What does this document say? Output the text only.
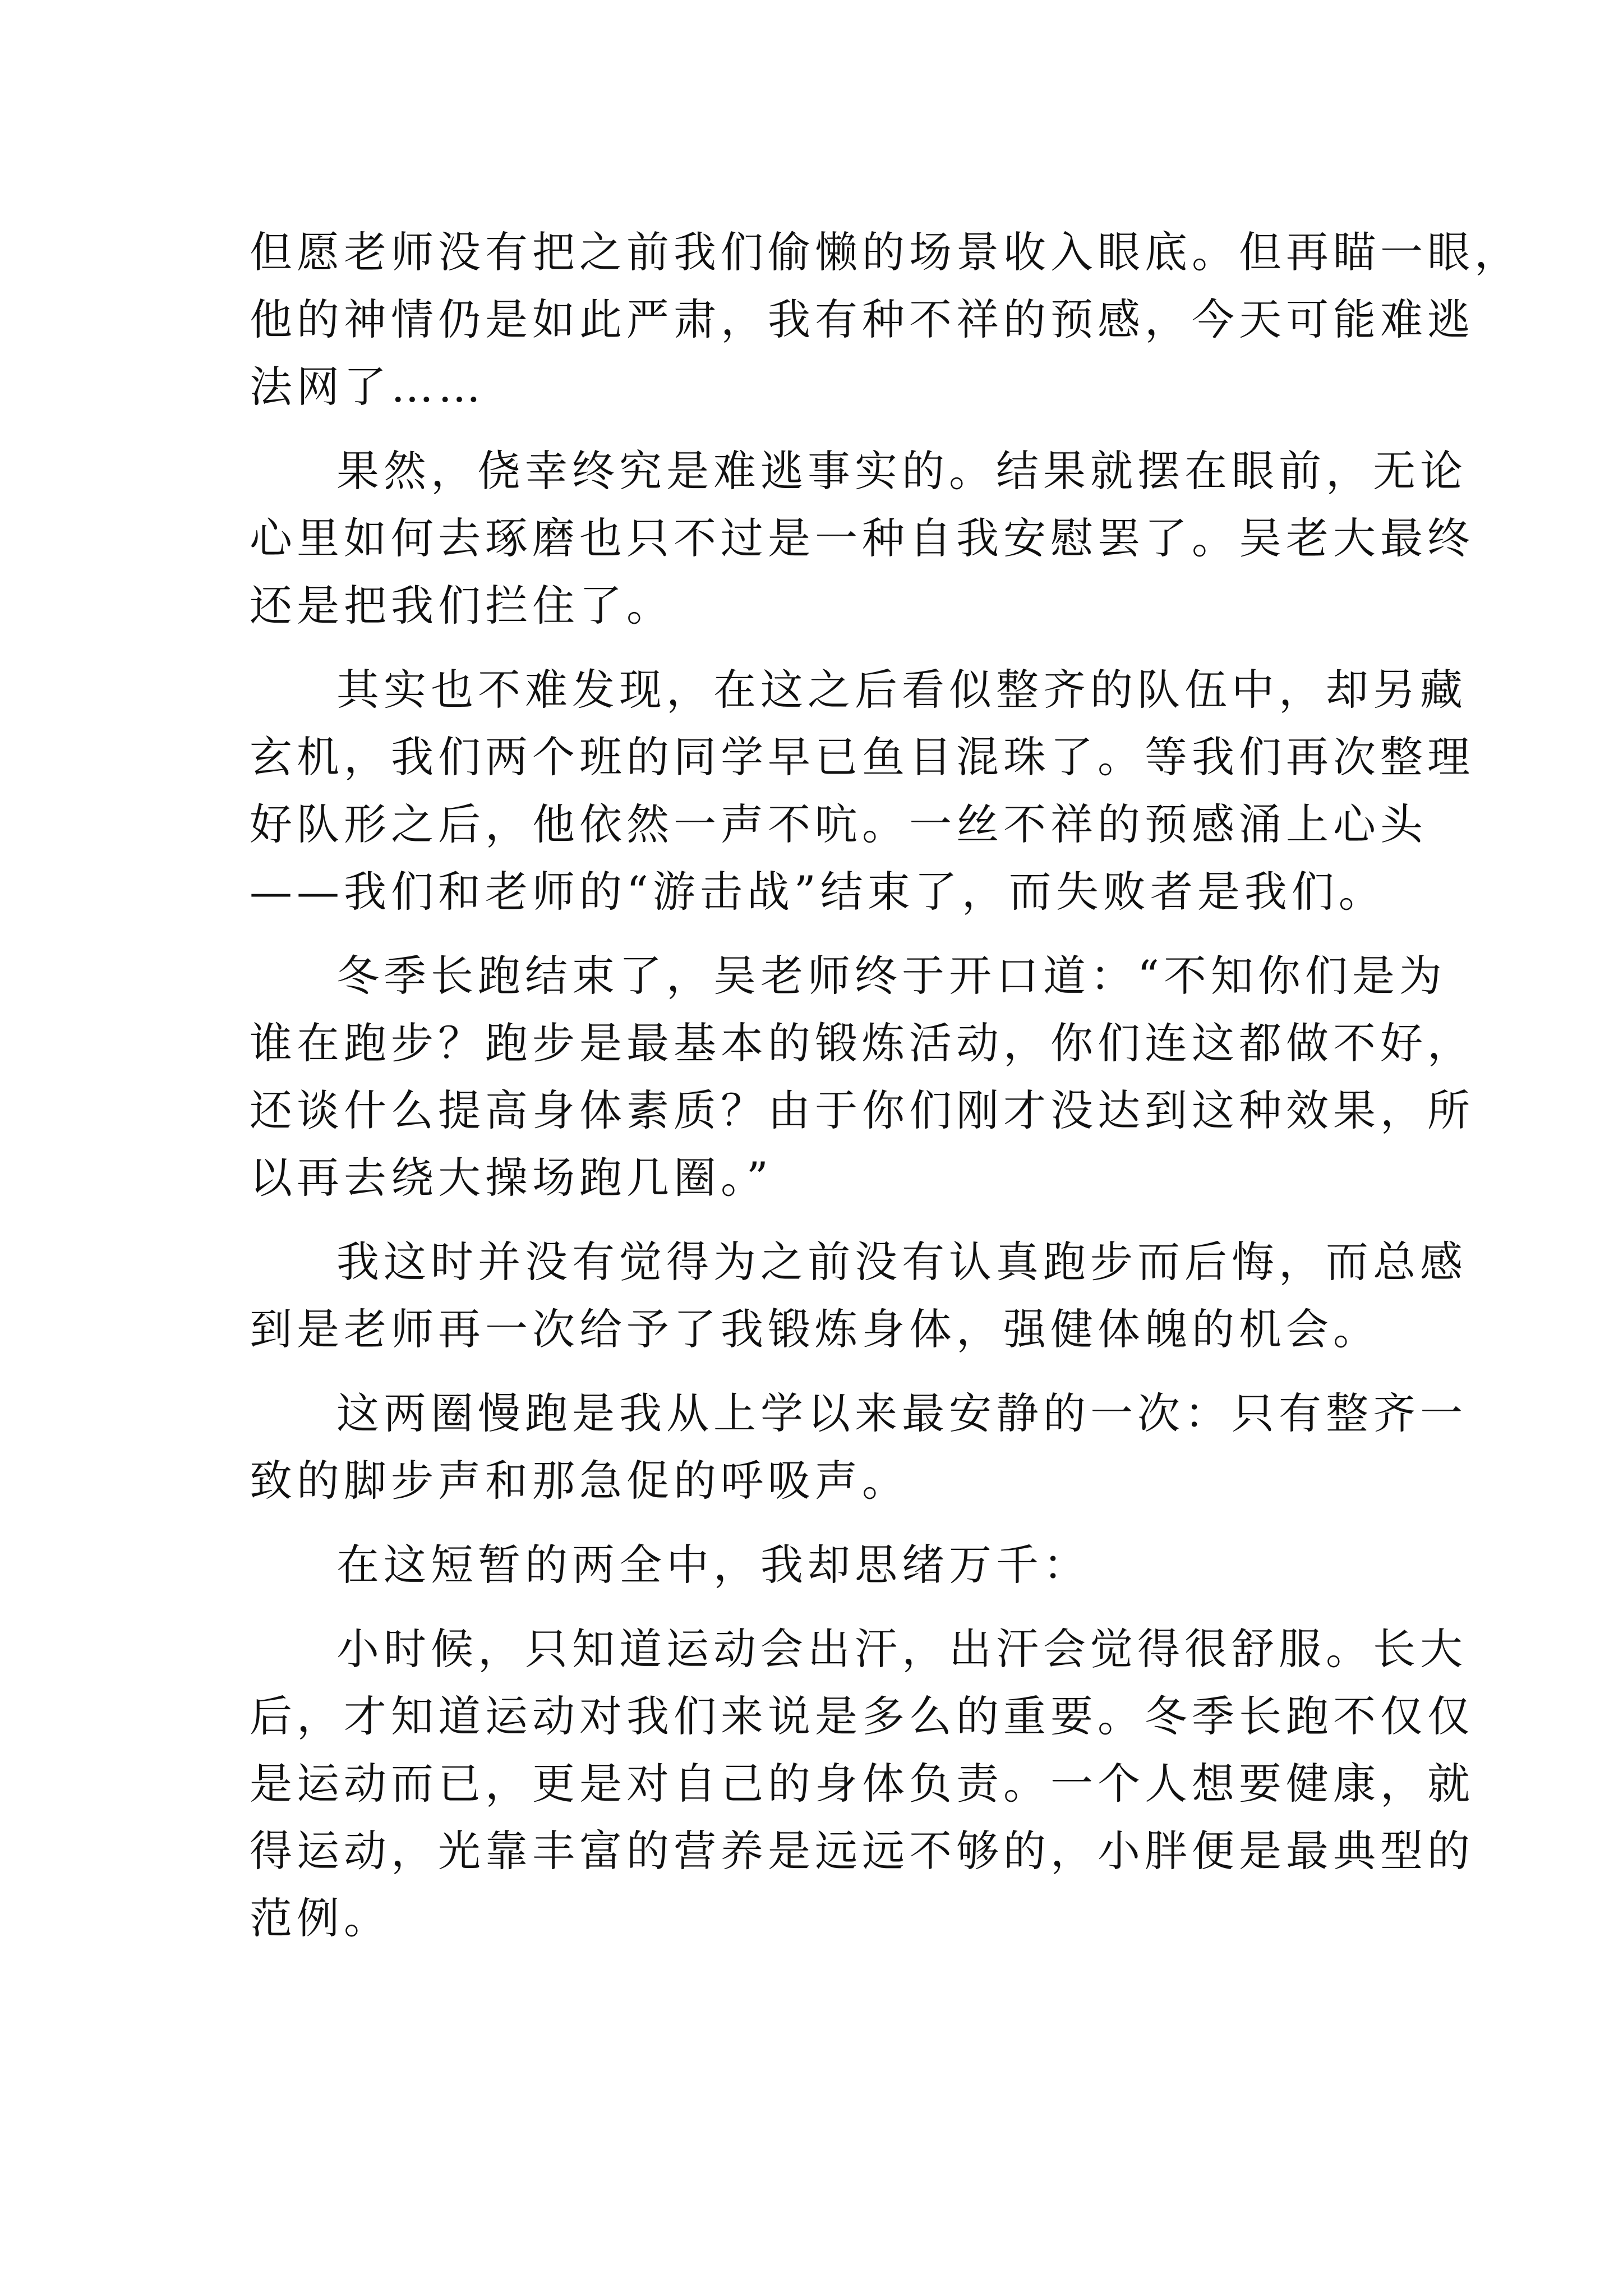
但愿老师没有把之前我们偷懒的场景收入眼底。但再瞄一眼，

他的神情仍是如此严肃，我有种不祥的预感，今天可能难逃

法网了……

果然，侥幸终究是难逃事实的。结果就摆在眼前，无论

心里如何去琢磨也只不过是一种自我安慰罢了。吴老大最终

还是把我们拦住了。

其实也不难发现，在这之后看似整齐的队伍中，却另藏

玄机，我们两个班的同学早已鱼目混珠了。等我们再次整理

好队形之后，他依然一声不吭。一丝不祥的预感涌上心头

——我们和老师的“游击战”结束了，而失败者是我们。

冬季长跑结束了，吴老师终于开口道：“不知你们是为

谁在跑步？跑步是最基本的锻炼活动，你们连这都做不好，

还谈什么提高身体素质？由于你们刚才没达到这种效果，所

以再去绕大操场跑几圈。”

我这时并没有觉得为之前没有认真跑步而后悔，而总感

到是老师再一次给予了我锻炼身体，强健体魄的机会。

这两圈慢跑是我从上学以来最安静的一次：只有整齐一

致的脚步声和那急促的呼吸声。

在这短暂的两全中，我却思绪万千：

小时候，只知道运动会出汗，出汗会觉得很舒服。长大

后，才知道运动对我们来说是多么的重要。冬季长跑不仅仅

是运动而已，更是对自己的身体负责。一个人想要健康，就

得运动，光靠丰富的营养是远远不够的，小胖便是最典型的

范例。
